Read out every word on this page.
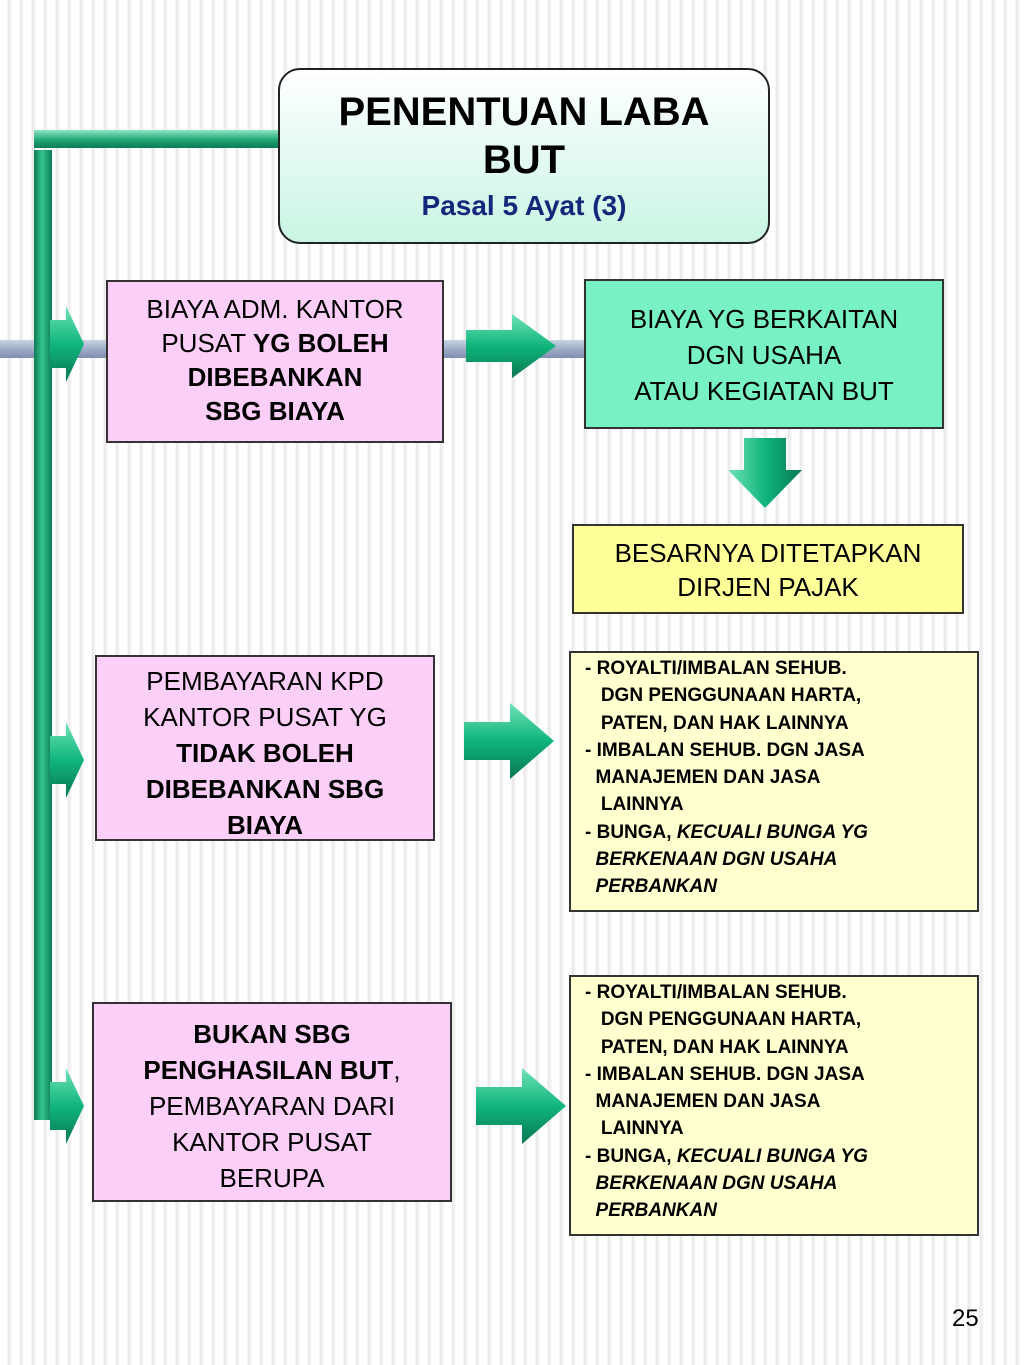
PENENTUAN LABA BUT
Pasal 5 Ayat (3)
BIAYA ADM. KANTOR
PUSAT YG BOLEH
DIBEBANKAN
SBG BIAYA
BIAYA YG BERKAITAN
DGN USAHA
ATAU KEGIATAN BUT
BESARNYA DITETAPKAN
DIRJEN PAJAK
PEMBAYARAN KPD
KANTOR PUSAT YG
TIDAK BOLEH
DIBEBANKAN SBG
BIAYA
- ROYALTI/IMBALAN SEHUB.
DGN PENGGUNAAN HARTA,
PATEN, DAN HAK LAINNYA
- IMBALAN SEHUB. DGN JASA
MANAJEMEN DAN JASA
LAINNYA
- BUNGA, KECUALI BUNGA YG
BERKENAAN DGN USAHA
PERBANKAN
BUKAN SBG
PENGHASILAN BUT,
PEMBAYARAN DARI
KANTOR PUSAT
BERUPA
- ROYALTI/IMBALAN SEHUB.
DGN PENGGUNAAN HARTA,
PATEN, DAN HAK LAINNYA
- IMBALAN SEHUB. DGN JASA
MANAJEMEN DAN JASA
LAINNYA
- BUNGA, KECUALI BUNGA YG
BERKENAAN DGN USAHA
PERBANKAN
25
